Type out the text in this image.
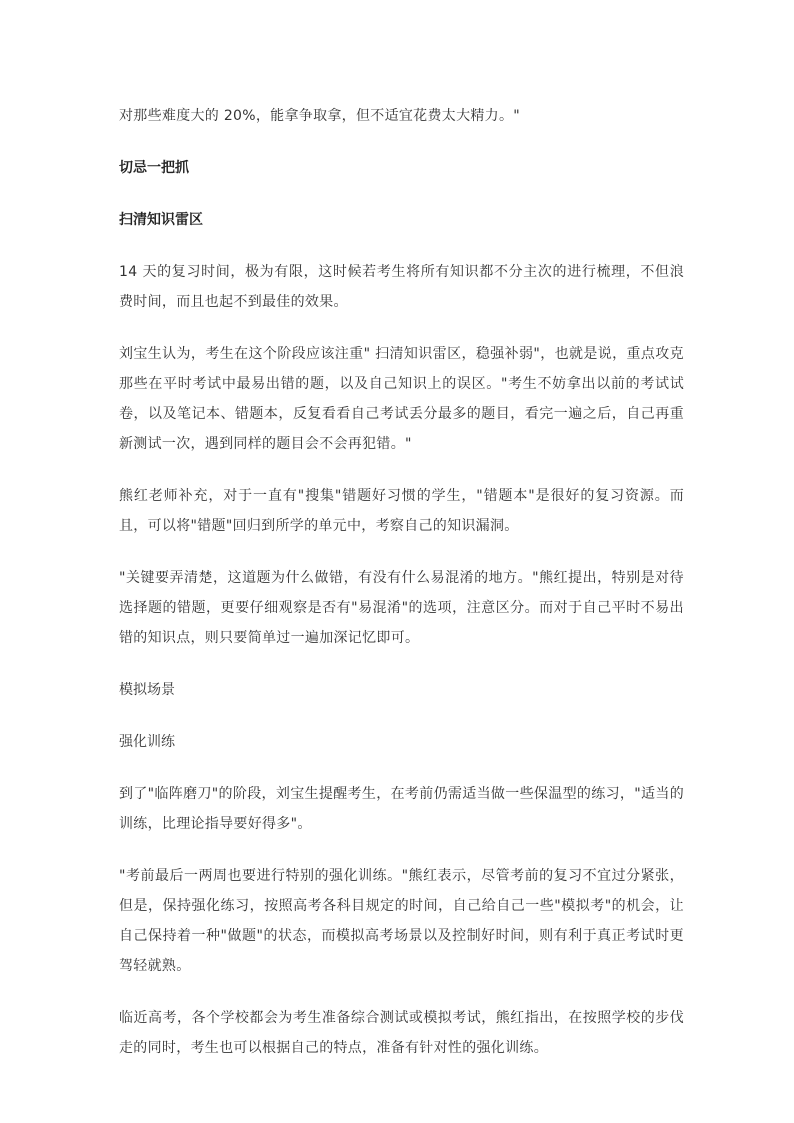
对那些难度大的 20%，能拿争取拿，但不适宜花费太大精力。"

切忌一把抓

扫清知识雷区

14 天的复习时间，极为有限，这时候若考生将所有知识都不分主次的进行梳理，不但浪费时间，而且也起不到最佳的效果。

刘宝生认为，考生在这个阶段应该注重" 扫清知识雷区，稳强补弱"，也就是说，重点攻克那些在平时考试中最易出错的题，以及自己知识上的误区。"考生不妨拿出以前的考试试卷，以及笔记本、错题本，反复看看自己考试丢分最多的题目，看完一遍之后，自己再重新测试一次，遇到同样的题目会不会再犯错。"

熊红老师补充，对于一直有"搜集"错题好习惯的学生，"错题本"是很好的复习资源。而且，可以将"错题"回归到所学的单元中，考察自己的知识漏洞。

"关键要弄清楚，这道题为什么做错，有没有什么易混淆的地方。"熊红提出，特别是对待选择题的错题，更要仔细观察是否有"易混淆"的选项，注意区分。而对于自己平时不易出错的知识点，则只要简单过一遍加深记忆即可。

模拟场景

强化训练

到了"临阵磨刀"的阶段，刘宝生提醒考生，在考前仍需适当做一些保温型的练习，"适当的训练，比理论指导要好得多"。

"考前最后一两周也要进行特别的强化训练。"熊红表示，尽管考前的复习不宜过分紧张，但是，保持强化练习，按照高考各科目规定的时间，自己给自己一些"模拟考"的机会，让自己保持着一种"做题"的状态，而模拟高考场景以及控制好时间，则有利于真正考试时更驾轻就熟。

临近高考，各个学校都会为考生准备综合测试或模拟考试，熊红指出，在按照学校的步伐走的同时，考生也可以根据自己的特点，准备有针对性的强化训练。
